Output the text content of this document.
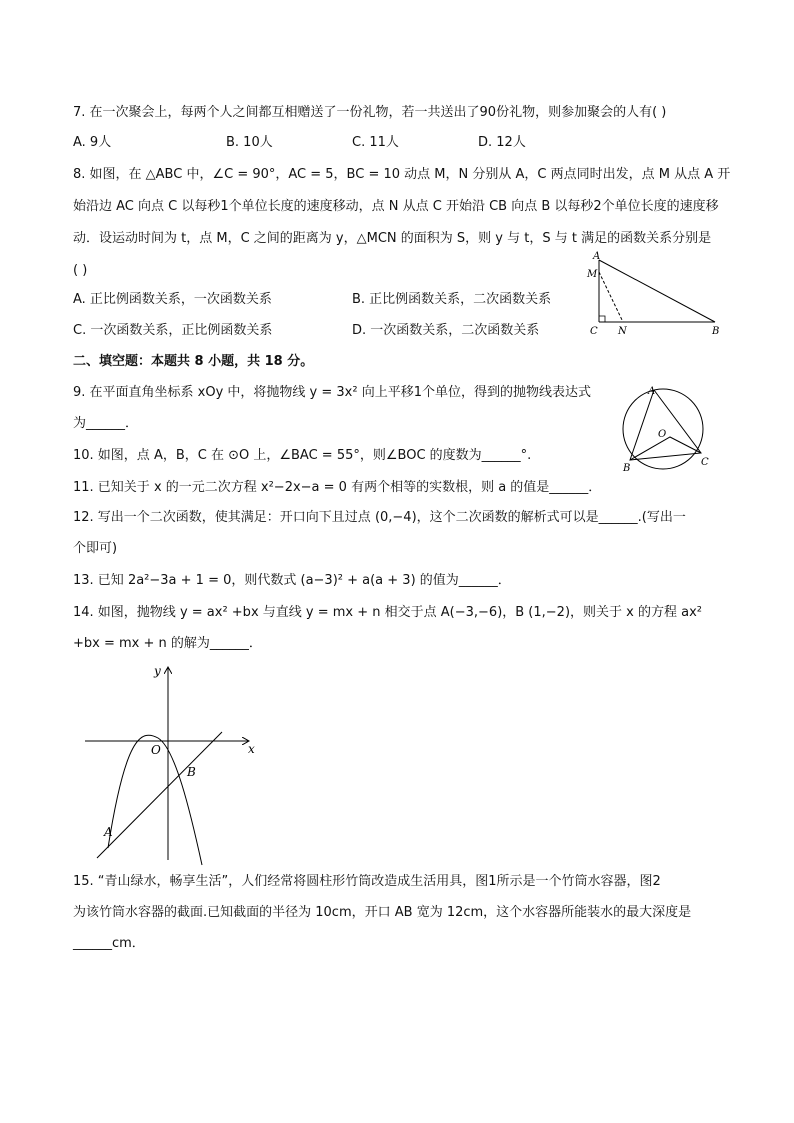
7. 在一次聚会上，每两个人之间都互相赠送了一份礼物，若一共送出了90份礼物，则参加聚会的人有( )
A. 9人	B. 10人	C. 11人	D. 12人
8. 如图，在 △ABC 中，∠C = 90°，AC = 5，BC = 10 动点 M，N 分别从 A，C 两点同时出发，点 M 从点 A 开
始沿边 AC 向点 C 以每秒1个单位长度的速度移动，点 N 从点 C 开始沿 CB 向点 B 以每秒2个单位长度的速度移
动．设运动时间为 t，点 M，C 之间的距离为 y，△MCN 的面积为 S，则 y 与 t，S 与 t 满足的函数关系分别是
( )
A. 正比例函数关系，一次函数关系	B. 正比例函数关系，二次函数关系
C. 一次函数关系，正比例函数关系	D. 一次函数关系，二次函数关系
A
M
C N	B
二、填空题：本题共 8 小题，共 18 分。
9. 在平面直角坐标系 xOy 中，将抛物线 y = 3x² 向上平移1个单位，得到的抛物线表达式
为______．
A
O
B
C
10. 如图，点 A，B，C 在 ⊙O 上，∠BAC = 55°，则∠BOC 的度数为______°.
11. 已知关于 x 的一元二次方程 x²−2x−a = 0 有两个相等的实数根，则 a 的值是______．
12. 写出一个二次函数，使其满足：开口向下且过点 (0,−4)，这个二次函数的解析式可以是______.(写出一
个即可)
13. 已知 2a²−3a + 1 = 0，则代数式 (a−3)² + a(a + 3) 的值为______．
14. 如图，抛物线 y = ax² +bx 与直线 y = mx + n 相交于点 A(−3,−6)，B (1,−2)，则关于 x 的方程 ax²
+bx = mx + n 的解为______．
y
x
O
A
B
15. “青山绿水，畅享生活”，人们经常将圆柱形竹筒改造成生活用具，图1所示是一个竹筒水容器，图2
为该竹筒水容器的截面.已知截面的半径为 10cm，开口 AB 宽为 12cm，这个水容器所能装水的最大深度是
______cm．
